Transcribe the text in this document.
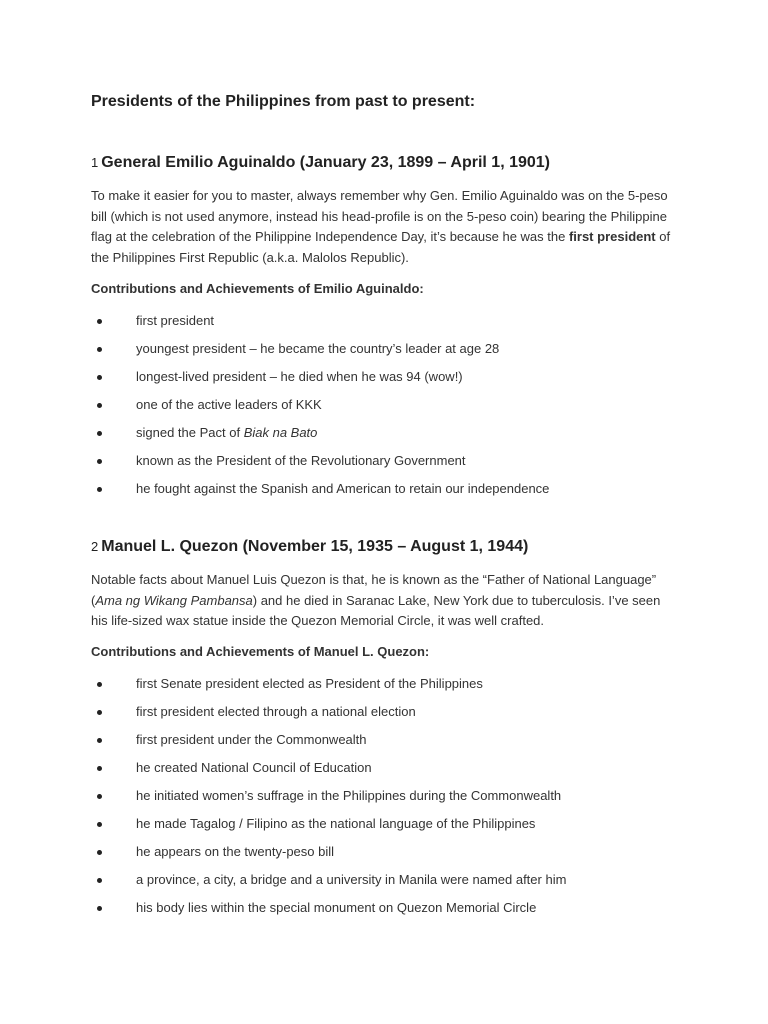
Presidents of the Philippines from past to present:
1 General Emilio Aguinaldo (January 23, 1899 – April 1, 1901)

To make it easier for you to master, always remember why Gen. Emilio Aguinaldo was on the 5-peso bill (which is not used anymore, instead his head-profile is on the 5-peso coin) bearing the Philippine flag at the celebration of the Philippine Independence Day, it’s because he was the first president of the Philippines First Republic (a.k.a. Malolos Republic).

Contributions and Achievements of Emilio Aguinaldo:

first president
youngest president – he became the country’s leader at age 28
longest-lived president – he died when he was 94 (wow!)
one of the active leaders of KKK
signed the Pact of Biak na Bato
known as the President of the Revolutionary Government
he fought against the Spanish and American to retain our independence
2 Manuel L. Quezon (November 15, 1935 – August 1, 1944)

Notable facts about Manuel Luis Quezon is that, he is known as the “Father of National Language” (Ama ng Wikang Pambansa) and he died in Saranac Lake, New York due to tuberculosis. I’ve seen his life-sized wax statue inside the Quezon Memorial Circle, it was well crafted.

Contributions and Achievements of Manuel L. Quezon:

first Senate president elected as President of the Philippines
first president elected through a national election
first president under the Commonwealth
he created National Council of Education
he initiated women’s suffrage in the Philippines during the Commonwealth
he made Tagalog / Filipino as the national language of the Philippines
he appears on the twenty-peso bill
a province, a city, a bridge and a university in Manila were named after him
his body lies within the special monument on Quezon Memorial Circle
